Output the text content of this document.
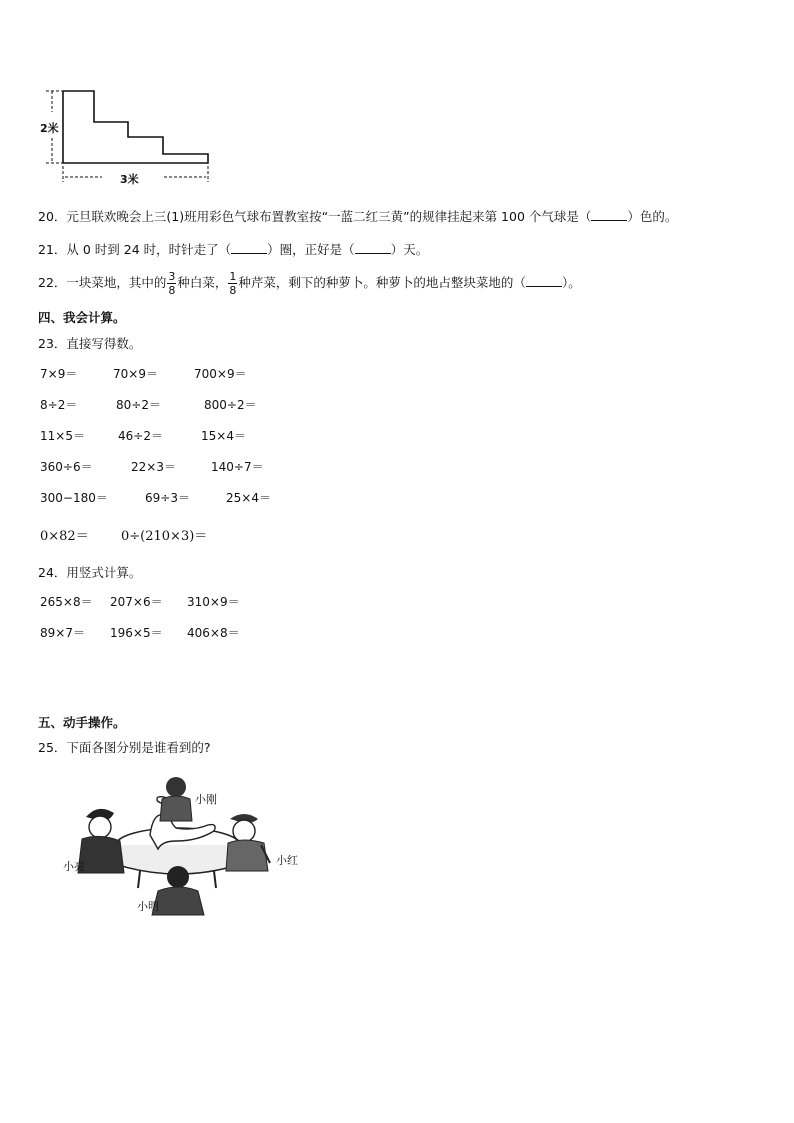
2米
3米
20．元旦联欢晚会上三(1)班用彩色气球布置教室按“一蓝二红三黄”的规律挂起来第 100 个气球是（	）色的。
21．从 0 时到 24 时，时针走了（	）圈，正好是（	）天。
22．一块菜地，其中的 $\frac{3}{8}$ 种白菜， $\frac{1}{8}$ 种芹菜，剩下的种萝卜。种萝卜的地占整块菜地的（	）。
四、我会计算。
23．直接写得数。
7×9＝	70×9＝	700×9＝
8÷2＝	80÷2＝	800÷2＝
11×5＝	46÷2＝	15×4＝
360÷6＝	22×3＝	140÷7＝
300−180＝	69÷3＝	25×4＝
0×82＝ 0÷(210×3)＝
24．用竖式计算。
265×8＝ 207×6＝ 310×9＝
89×7＝ 196×5＝ 406×8＝
五、动手操作。
25．下面各图分别是谁看到的?
小刚
小红
小亮
小明
